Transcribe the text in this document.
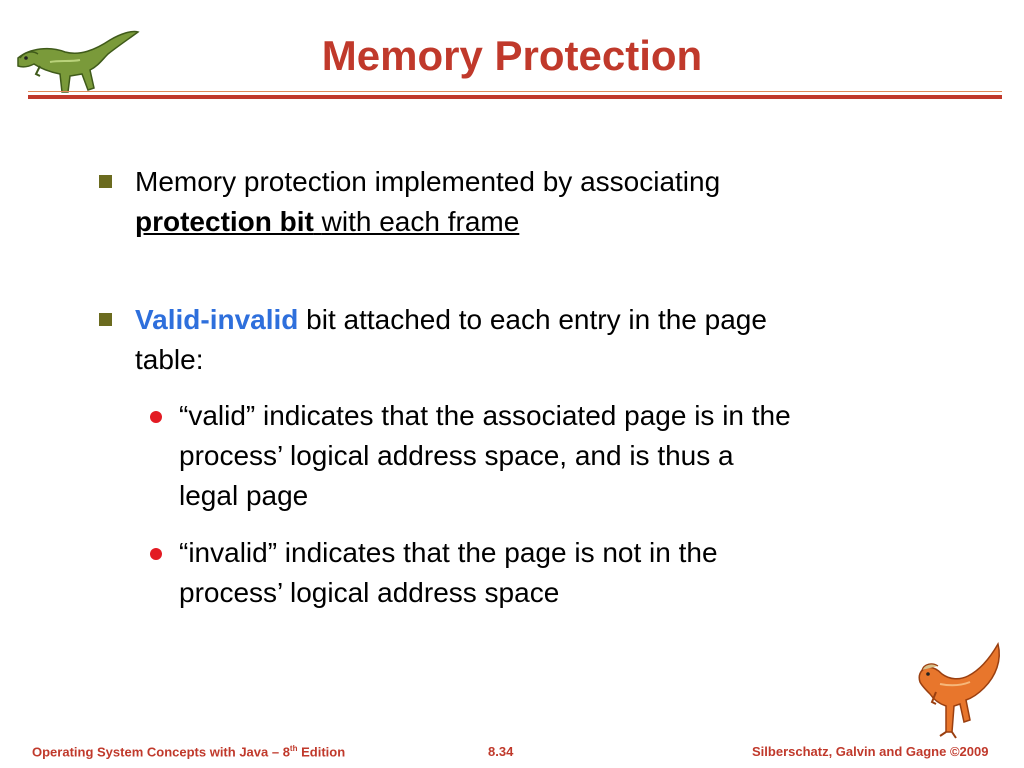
Memory Protection
Memory protection implemented by associating
protection bit with each frame
Valid-invalid bit attached to each entry in the page
table:
“valid” indicates that the associated page is in the
process’ logical address space, and is thus a
legal page
“invalid” indicates that the page is not in the
process’ logical address space
Operating System Concepts with Java – 8th Edition	8.34	Silberschatz, Galvin and Gagne ©2009
